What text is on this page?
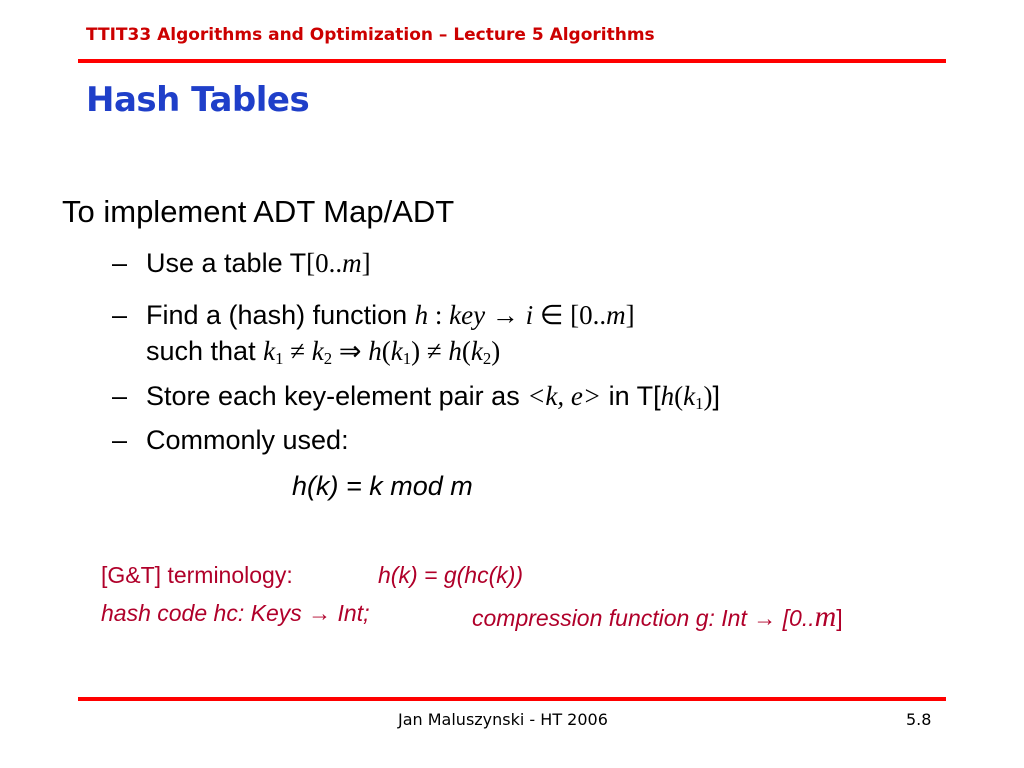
TTIT33 Algorithms and Optimization – Lecture 5 Algorithms
Hash Tables
To implement ADT Map/ADT
– Use a table T[0..m]
– Find a (hash) function h : key → i ∈ [0..m]
such that k1 ≠ k2 ⇒ h(k1) ≠ h(k2)
– Store each key-element pair as <k, e> in T[h(k1)]
– Commonly used:
h(k) = k mod m
[G&T] terminology:	h(k) = g(hc(k))
hash code hc: Keys → Int;	compression function g: Int → [0..m]
Jan Maluszynski - HT 2006	5.8
